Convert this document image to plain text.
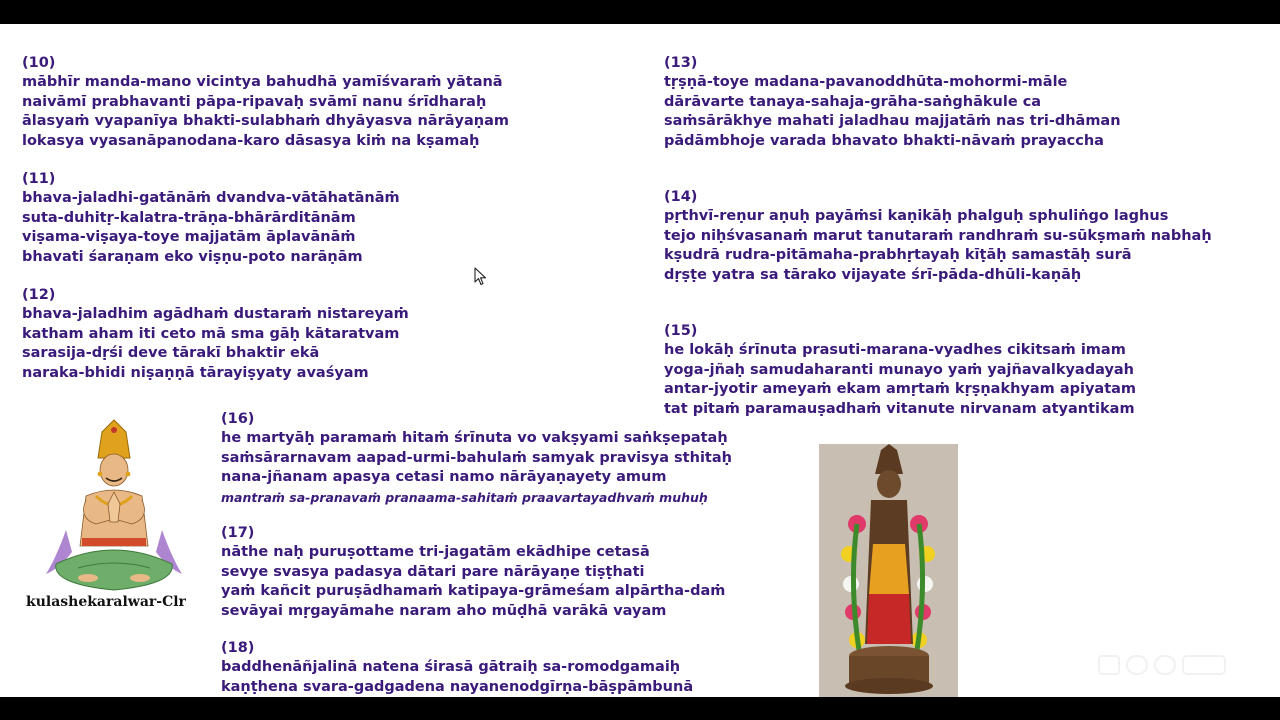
(10)
mābhīr manda-mano vicintya bahudhā yamīśvaraṁ yātanā
naivāmī prabhavanti pāpa-ripavaḥ svāmī nanu śrīdharaḥ
ālasyaṁ vyapanīya bhakti-sulabhaṁ dhyāyasva nārāyaṇam
lokasya vyasanāpanodana-karo dāsasya kiṁ na kṣamaḥ
(11)
bhava-jaladhi-gatānāṁ dvandva-vātāhatānāṁ
suta-duhitṛ-kalatra-trāṇa-bhārārditānām
viṣama-viṣaya-toye majjatām āplavānāṁ
bhavati śaraṇam eko viṣṇu-poto narāṇām
(12)
bhava-jaladhim agādhaṁ dustaraṁ nistareyaṁ
katham aham iti ceto mā sma gāḥ kātaratvam
sarasija-dṛśi deve tārakī bhaktir ekā
naraka-bhidi niṣaṇṇā tārayiṣyaty avaśyam
(13)
tṛṣṇā-toye madana-pavanoddhūta-mohormi-māle
dārāvarte tanaya-sahaja-grāha-saṅghākule ca
saṁsārākhye mahati jaladhau majjatāṁ nas tri-dhāman
pādāmbhoje varada bhavato bhakti-nāvaṁ prayaccha
(14)
pṛthvī-reṇur aṇuḥ payāṁsi kaṇikāḥ phalguḥ sphuliṅgo laghus
tejo niḥśvasanaṁ marut tanutaraṁ randhraṁ su-sūkṣmaṁ nabhaḥ
kṣudrā rudra-pitāmaha-prabhṛtayaḥ kīṭāḥ samastāḥ surā
dṛṣṭe yatra sa tārako vijayate śrī-pāda-dhūli-kaṇāḥ
(15)
he lokāḥ śrīnuta prasuti-marana-vyadhes cikitsaṁ imam
yoga-jñaḥ samudaharanti munayo yaṁ yajñavalkyadayah
antar-jyotir ameyaṁ ekam amṛtaṁ kṛṣṇakhyam apiyatam
tat pitaṁ paramauṣadhaṁ vitanute nirvanam atyantikam
(16)
he martyāḥ paramaṁ hitaṁ śrīnuta vo vakṣyami saṅkṣepataḥ
saṁsārarnavam aapad-urmi-bahulaṁ samyak pravisya sthitaḥ
nana-jñanam apasya cetasi namo nārāyaṇayety amum
mantraṁ sa-pranavaṁ pranaama-sahitaṁ praavartayadhvaṁ muhuḥ
(17)
nāthe naḥ puruṣottame tri-jagatām ekādhipe cetasā
sevye svasya padasya dātari pare nārāyaṇe tiṣṭhati
yaṁ kañcit puruṣādhamaṁ katipaya-grāmeśam alpārtha-daṁ
sevāyai mṛgayāmahe naram aho mūḍhā varākā vayam
(18)
baddhenāñjalinā natena śirasā gātraiḥ sa-romodgamaiḥ
kaṇṭhena svara-gadgadena nayanenodgīrṇa-bāṣpāmbunā
kulashekaralwar-Clr
